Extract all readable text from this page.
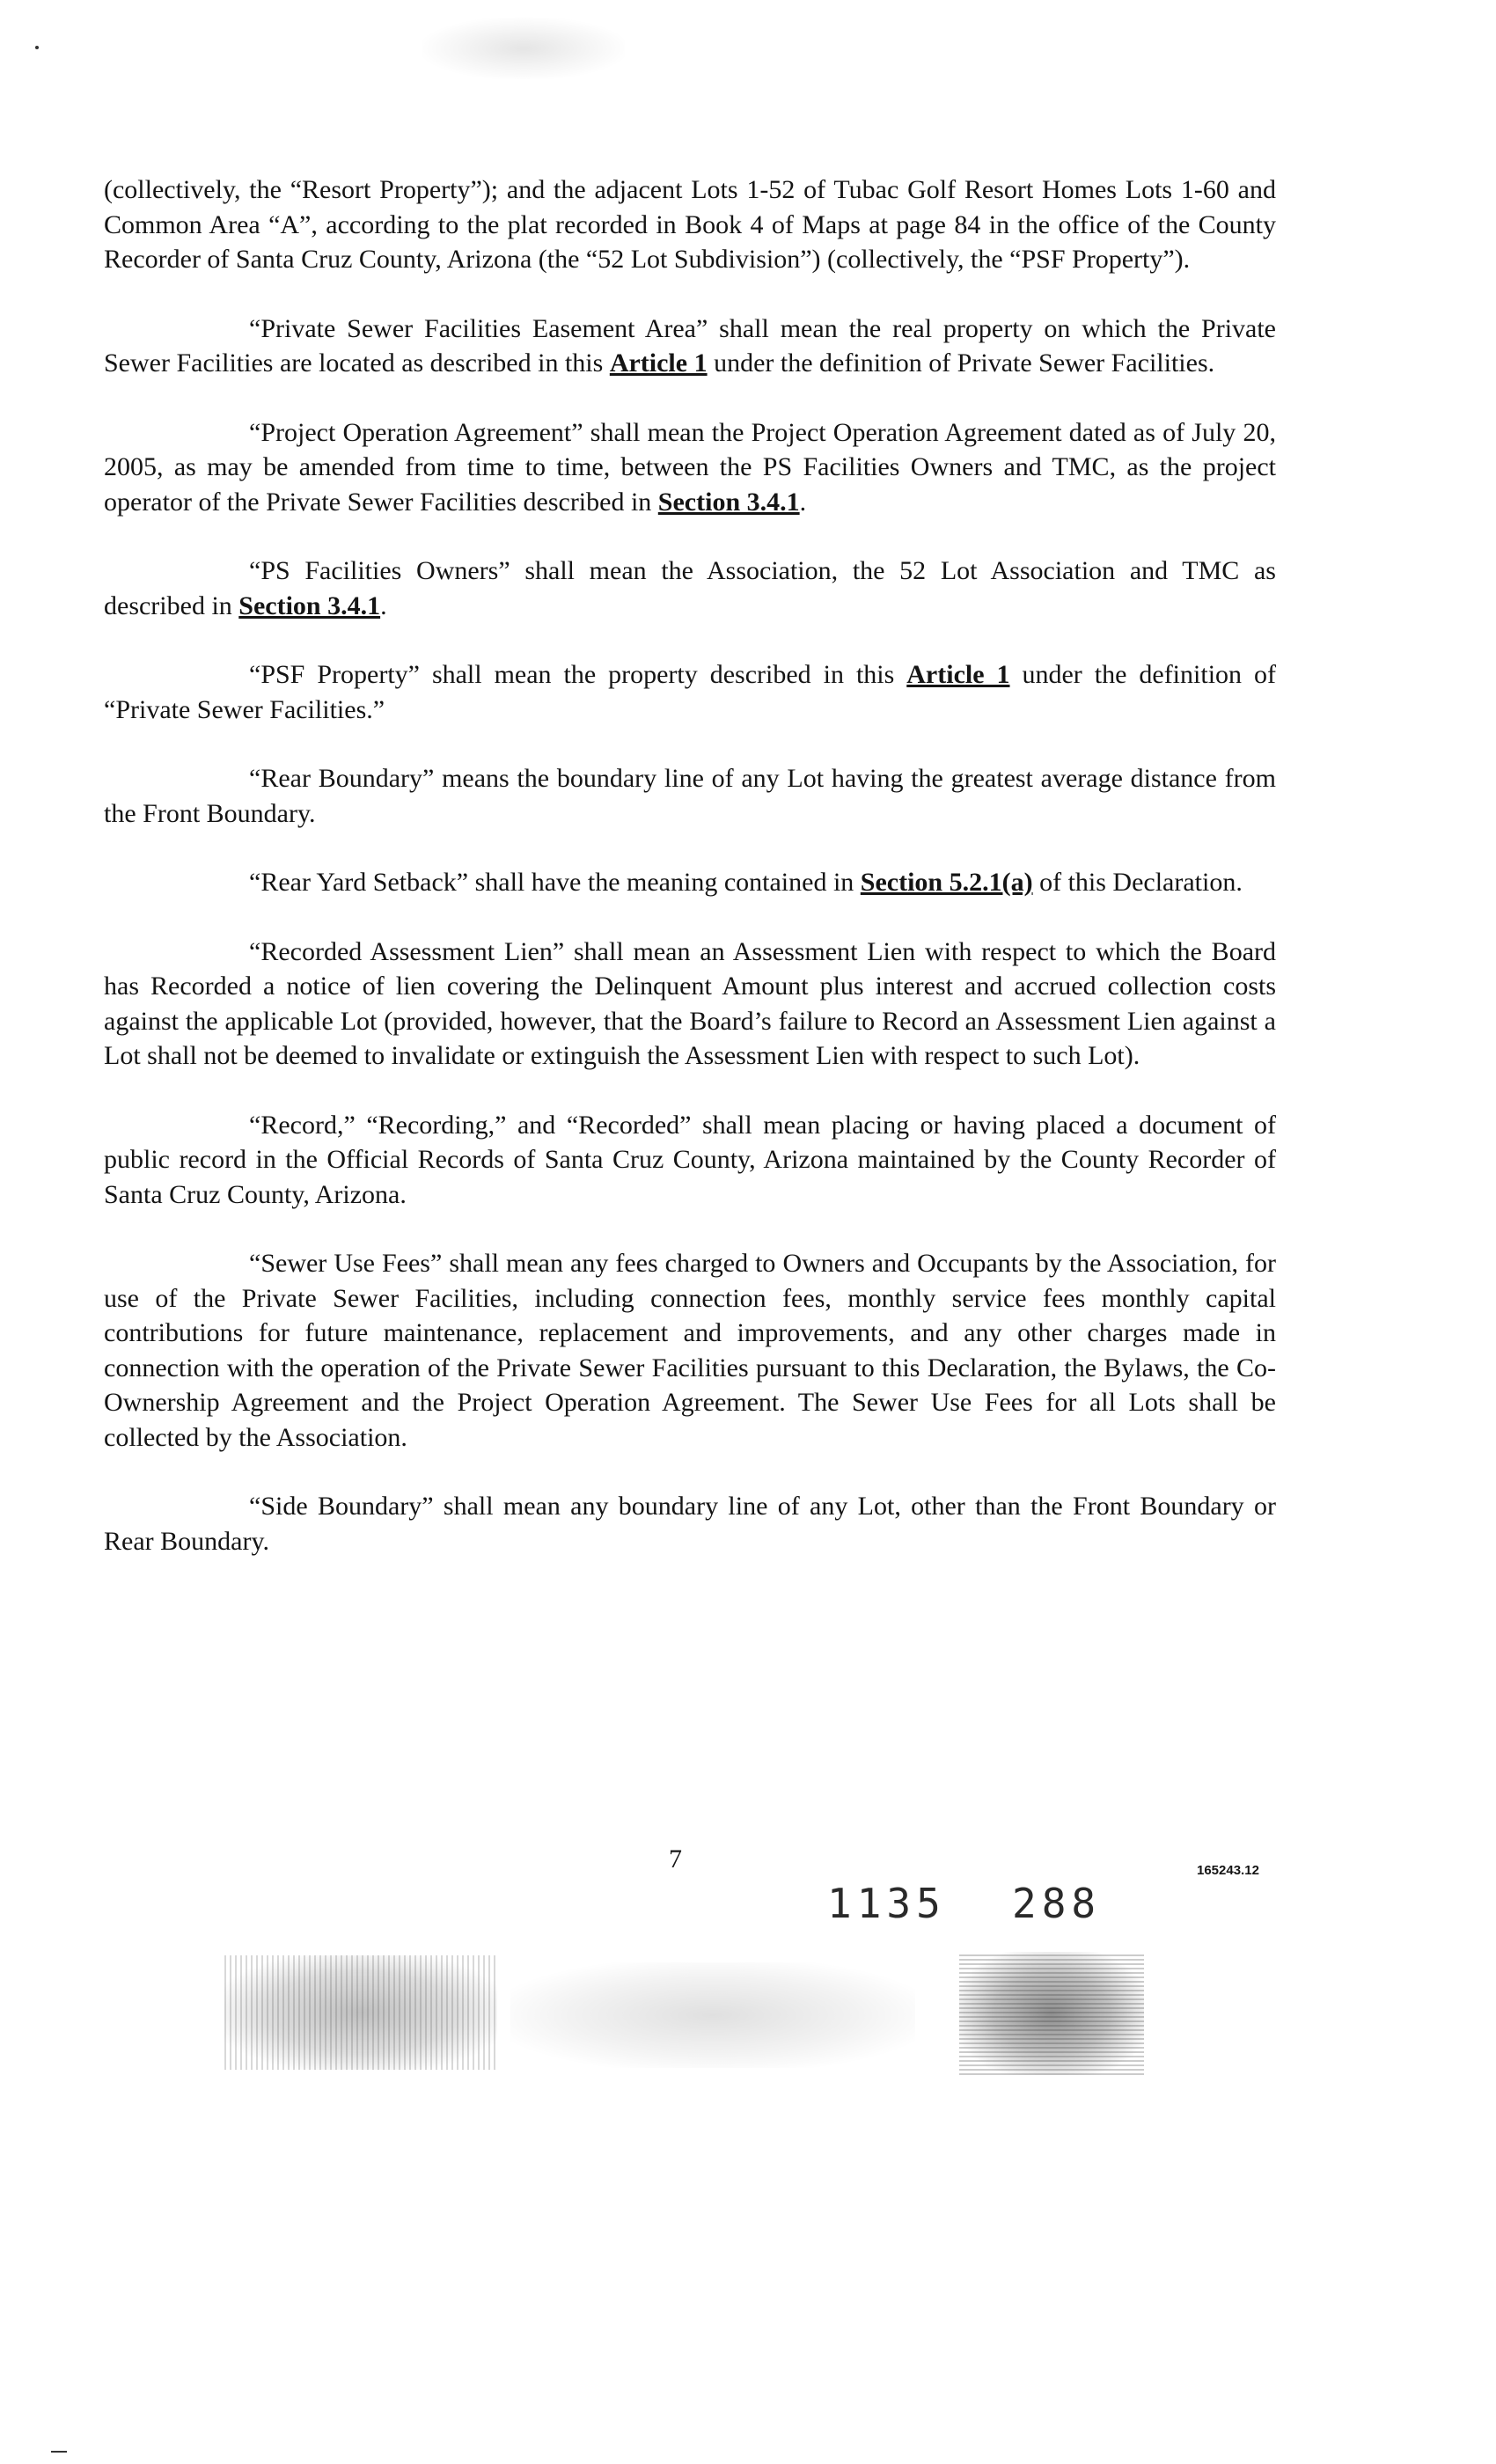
(collectively, the “Resort Property”); and the adjacent Lots 1-52 of Tubac Golf Resort Homes Lots 1-60 and Common Area “A”, according to the plat recorded in Book 4 of Maps at page 84 in the office of the County Recorder of Santa Cruz County, Arizona (the “52 Lot Subdivision”) (collectively, the “PSF Property”).

“Private Sewer Facilities Easement Area” shall mean the real property on which the Private Sewer Facilities are located as described in this Article 1 under the definition of Private Sewer Facilities.

“Project Operation Agreement” shall mean the Project Operation Agreement dated as of July 20, 2005, as may be amended from time to time, between the PS Facilities Owners and TMC, as the project operator of the Private Sewer Facilities described in Section 3.4.1.

“PS Facilities Owners” shall mean the Association, the 52 Lot Association and TMC as described in Section 3.4.1.

“PSF Property” shall mean the property described in this Article 1 under the definition of “Private Sewer Facilities.”

“Rear Boundary” means the boundary line of any Lot having the greatest average distance from the Front Boundary.

“Rear Yard Setback” shall have the meaning contained in Section 5.2.1(a) of this Declaration.

“Recorded Assessment Lien” shall mean an Assessment Lien with respect to which the Board has Recorded a notice of lien covering the Delinquent Amount plus interest and accrued collection costs against the applicable Lot (provided, however, that the Board’s failure to Record an Assessment Lien against a Lot shall not be deemed to invalidate or extinguish the Assessment Lien with respect to such Lot).

“Record,” “Recording,” and “Recorded” shall mean placing or having placed a document of public record in the Official Records of Santa Cruz County, Arizona maintained by the County Recorder of Santa Cruz County, Arizona.

“Sewer Use Fees” shall mean any fees charged to Owners and Occupants by the Association, for use of the Private Sewer Facilities, including connection fees, monthly service fees monthly capital contributions for future maintenance, replacement and improvements, and any other charges made in connection with the operation of the Private Sewer Facilities pursuant to this Declaration, the Bylaws, the Co-Ownership Agreement and the Project Operation Agreement. The Sewer Use Fees for all Lots shall be collected by the Association.

“Side Boundary” shall mean any boundary line of any Lot, other than the Front Boundary or Rear Boundary.

7	165243.12
1135 288
